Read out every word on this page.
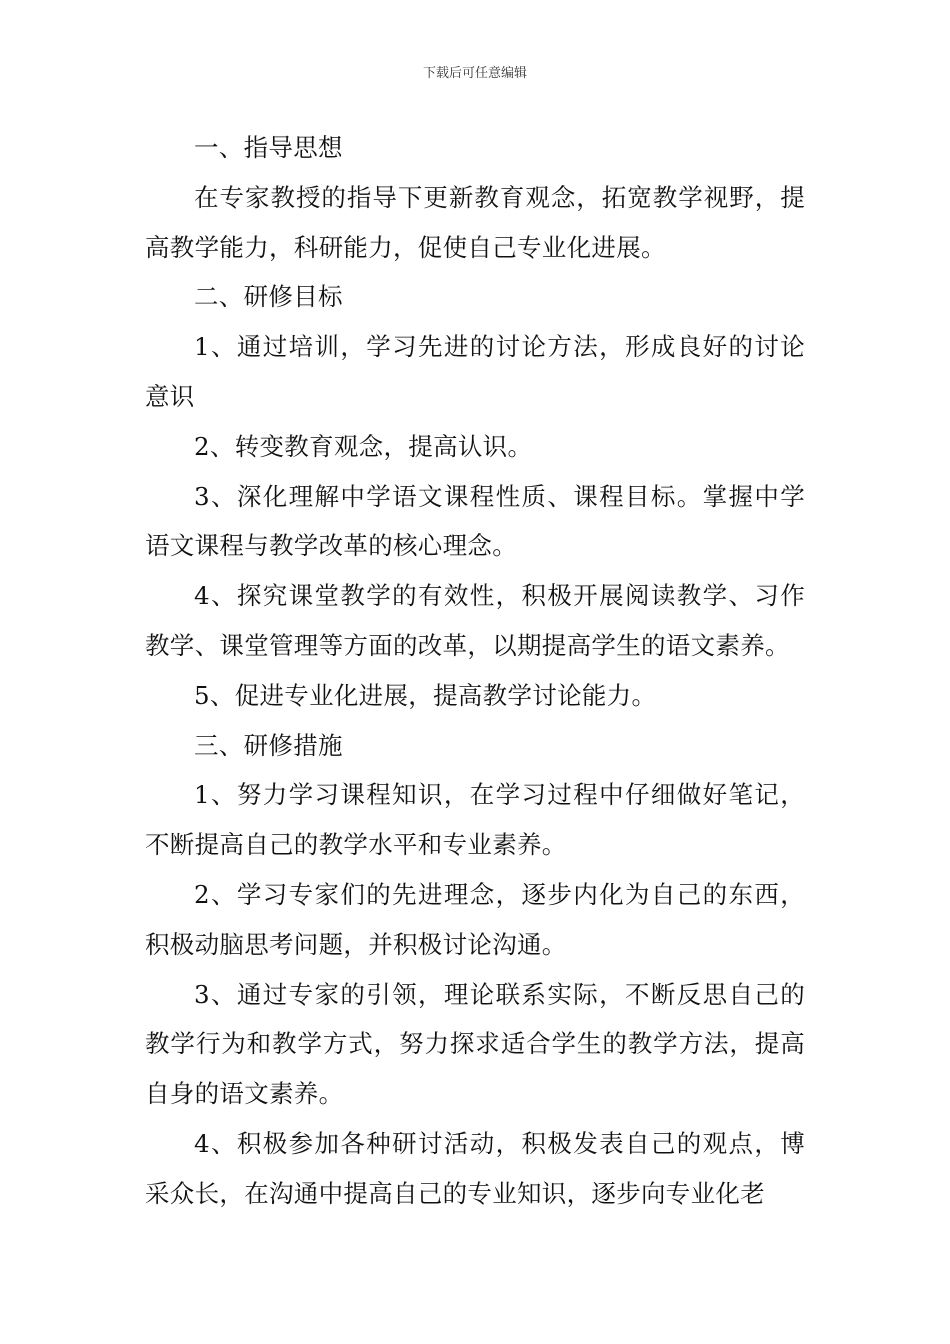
下载后可任意编辑

一、指导思想

在专家教授的指导下更新教育观念，拓宽教学视野，提高教学能力，科研能力，促使自己专业化进展。

二、研修目标

1、通过培训，学习先进的讨论方法，形成良好的讨论意识

2、转变教育观念，提高认识。

3、深化理解中学语文课程性质、课程目标。掌握中学语文课程与教学改革的核心理念。

4、探究课堂教学的有效性，积极开展阅读教学、习作教学、课堂管理等方面的改革，以期提高学生的语文素养。

5、促进专业化进展，提高教学讨论能力。

三、研修措施

1、努力学习课程知识，在学习过程中仔细做好笔记，不断提高自己的教学水平和专业素养。

2、学习专家们的先进理念，逐步内化为自己的东西，积极动脑思考问题，并积极讨论沟通。

3、通过专家的引领，理论联系实际，不断反思自己的教学行为和教学方式，努力探求适合学生的教学方法，提高自身的语文素养。

4、积极参加各种研讨活动，积极发表自己的观点，博采众长，在沟通中提高自己的专业知识，逐步向专业化老
